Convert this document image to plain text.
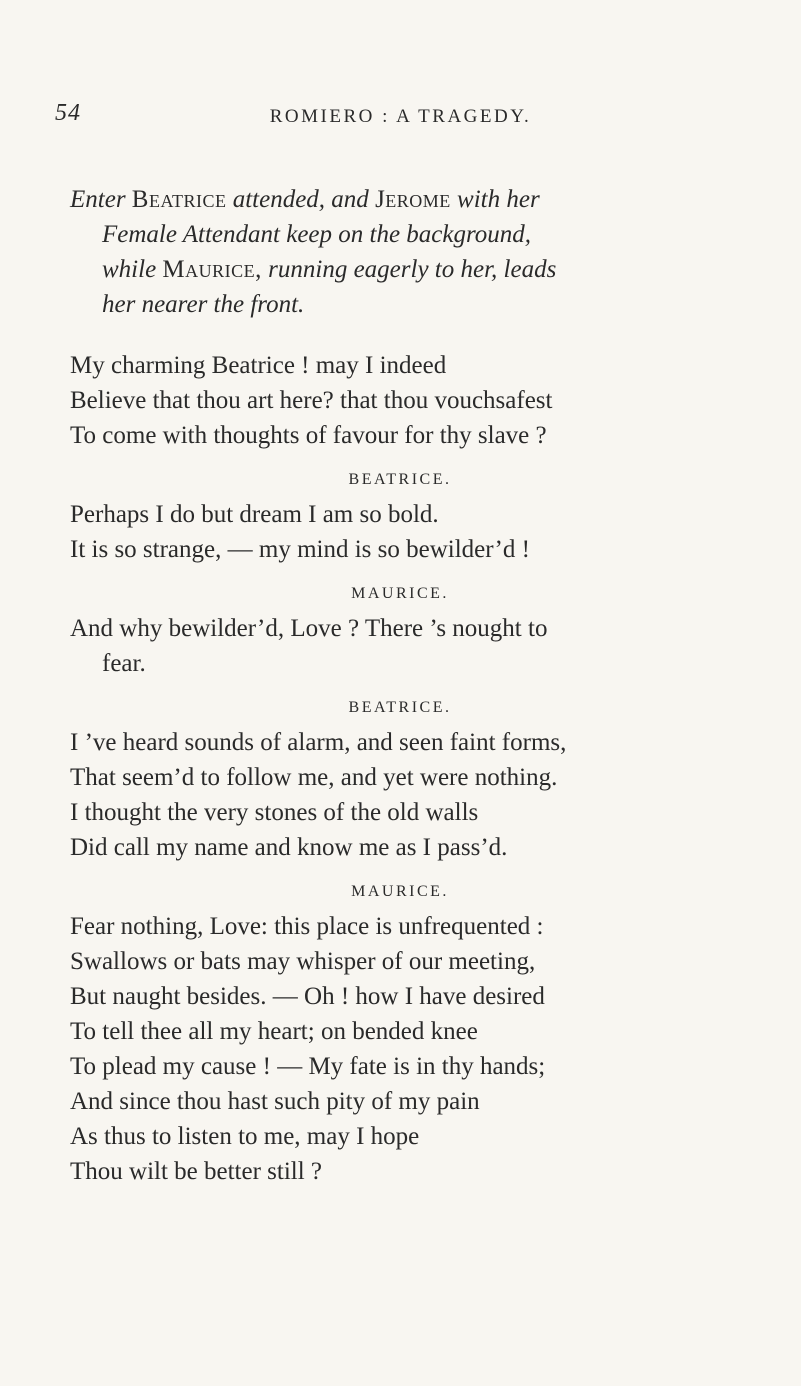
54	ROMIERO : A TRAGEDY.
Enter Beatrice attended, and Jerome with her
Female Attendant keep on the background,
while Maurice, running eagerly to her, leads
her nearer the front.
My charming Beatrice ! may I indeed
Believe that thou art here? that thou vouchsafest
To come with thoughts of favour for thy slave ?
BEATRICE.
Perhaps I do but dream I am so bold.
It is so strange, — my mind is so bewilder’d !
MAURICE.
And why bewilder’d, Love ? There ’s nought to
fear.
BEATRICE.
I ’ve heard sounds of alarm, and seen faint forms,
That seem’d to follow me, and yet were nothing.
I thought the very stones of the old walls
Did call my name and know me as I pass’d.
MAURICE.
Fear nothing, Love: this place is unfrequented :
Swallows or bats may whisper of our meeting,
But naught besides. — Oh ! how I have desired
To tell thee all my heart; on bended knee
To plead my cause ! — My fate is in thy hands;
And since thou hast such pity of my pain
As thus to listen to me, may I hope
Thou wilt be better still ?
